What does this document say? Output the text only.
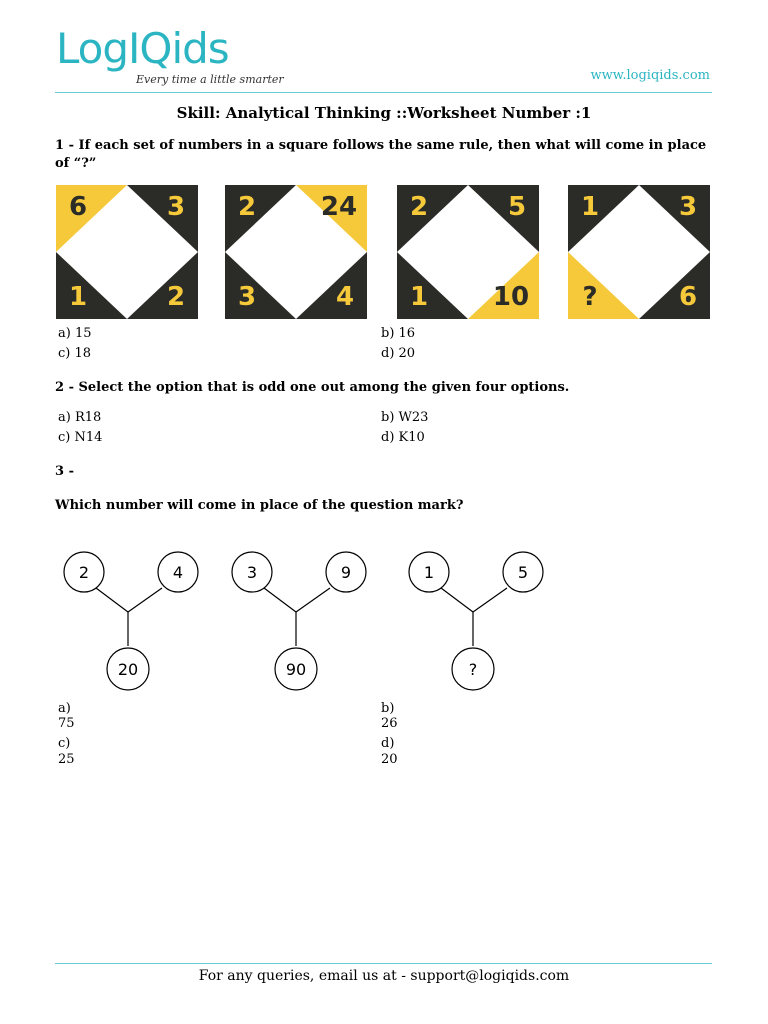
LogIQids
Every time a little smarter	www.logiqids.com
Skill: Analytical Thinking ::Worksheet Number :1
1 - If each set of numbers in a square follows the same rule, then what will come in place of “?”
6	3
1	2
2 24
3	4
2	5
1 10
1	3
?	6
a) 15	b) 16
c) 18	d) 20
2 - Select the option that is odd one out among the given four options.
a) R18	b) W23
c) N14	d) K10
3 -
Which number will come in place of the question mark?
2	4
20
3	9
90
1	5
?
a)
75
b)
26
c)
25
d)
20
For any queries, email us at - support@logiqids.com
